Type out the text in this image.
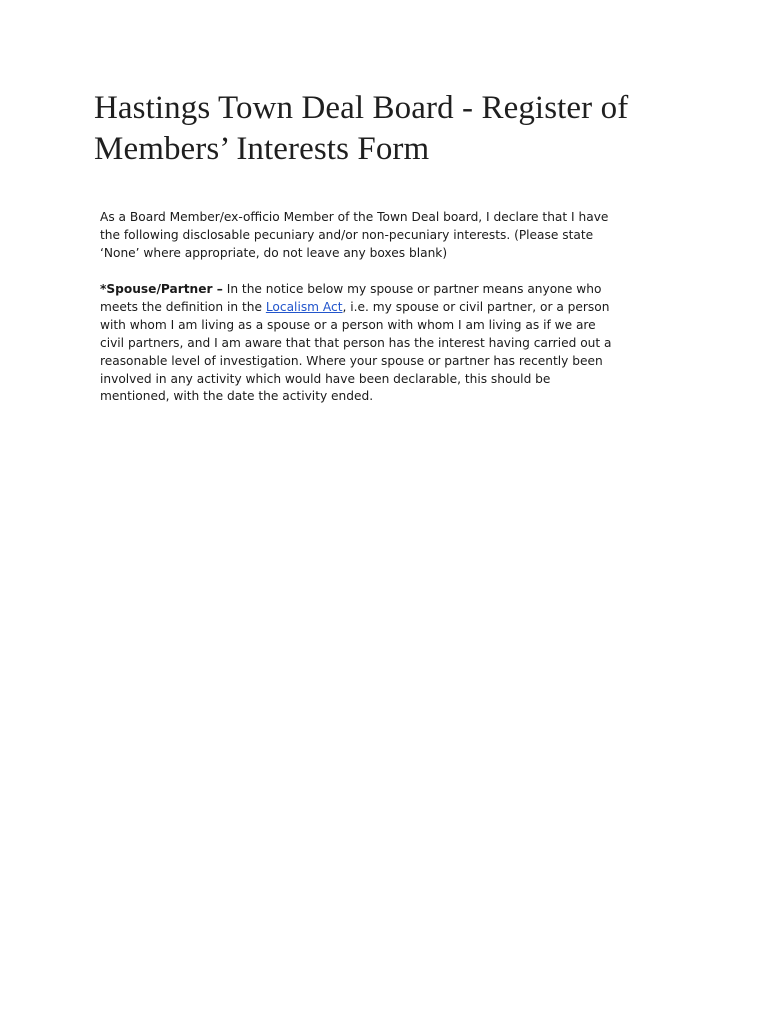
Hastings Town Deal Board - Register of Members’ Interests Form

As a Board Member/ex-officio Member of the Town Deal board, I declare that I have the following disclosable pecuniary and/or non-pecuniary interests. (Please state ‘None’ where appropriate, do not leave any boxes blank)

*Spouse/Partner – In the notice below my spouse or partner means anyone who meets the definition in the Localism Act, i.e. my spouse or civil partner, or a person with whom I am living as a spouse or a person with whom I am living as if we are civil partners, and I am aware that that person has the interest having carried out a reasonable level of investigation. Where your spouse or partner has recently been involved in any activity which would have been declarable, this should be mentioned, with the date the activity ended.
